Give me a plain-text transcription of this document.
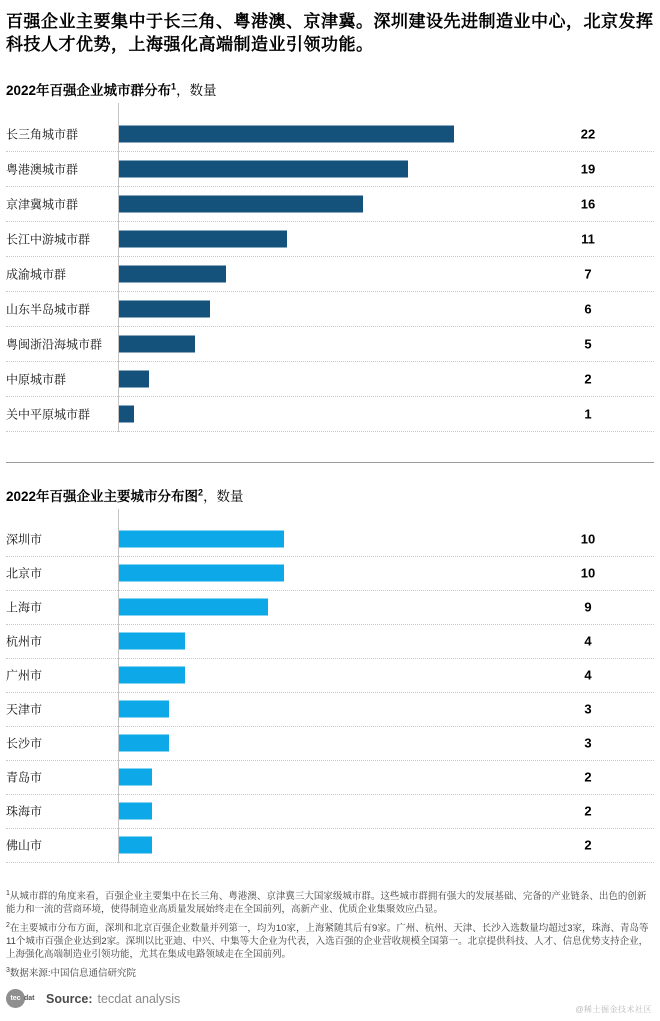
百强企业主要集中于长三角、粤港澳、京津冀。深圳建设先进制造业中心，北京发挥科技人才优势，上海强化高端制造业引领功能。
2022年百强企业城市群分布$^1$，数量
长三角城市群	22
粤港澳城市群	19
京津冀城市群	16
长江中游城市群	11
成渝城市群	7
山东半岛城市群	6
粤闽浙沿海城市群	5
中原城市群	2
关中平原城市群	1
2022年百强企业主要城市分布图$^2$，数量
深圳市	10
北京市	10
上海市	9
杭州市	4
广州市	4
天津市	3
长沙市	3
青岛市	2
珠海市	2
佛山市	2
$^1$从城市群的角度来看，百强企业主要集中在长三角、粤港澳、京津冀三大国家级城市群。这些城市群拥有强大的发展基础、完备的产业链条、出色的创新能力和一流的营商环境，使得制造业高质量发展始终走在全国前列，高新产业、优质企业集聚效应凸显。
$^2$在主要城市分布方面，深圳和北京百强企业数量并列第一，均为10家，上海紧随其后有9家。广州、杭州、天津、长沙入选数量均超过3家，珠海、青岛等11个城市百强企业达到2家。深圳以比亚迪、中兴、中集等大企业为代表，入选百强的企业营收规模全国第一。北京提供科技、人才、信息优势支持企业，上海强化高端制造业引领功能，尤其在集成电路领域走在全国前列。
$^3$数据来源:中国信息通信研究院
tec dat Source: tecdat analysis
@稀土掘金技术社区
